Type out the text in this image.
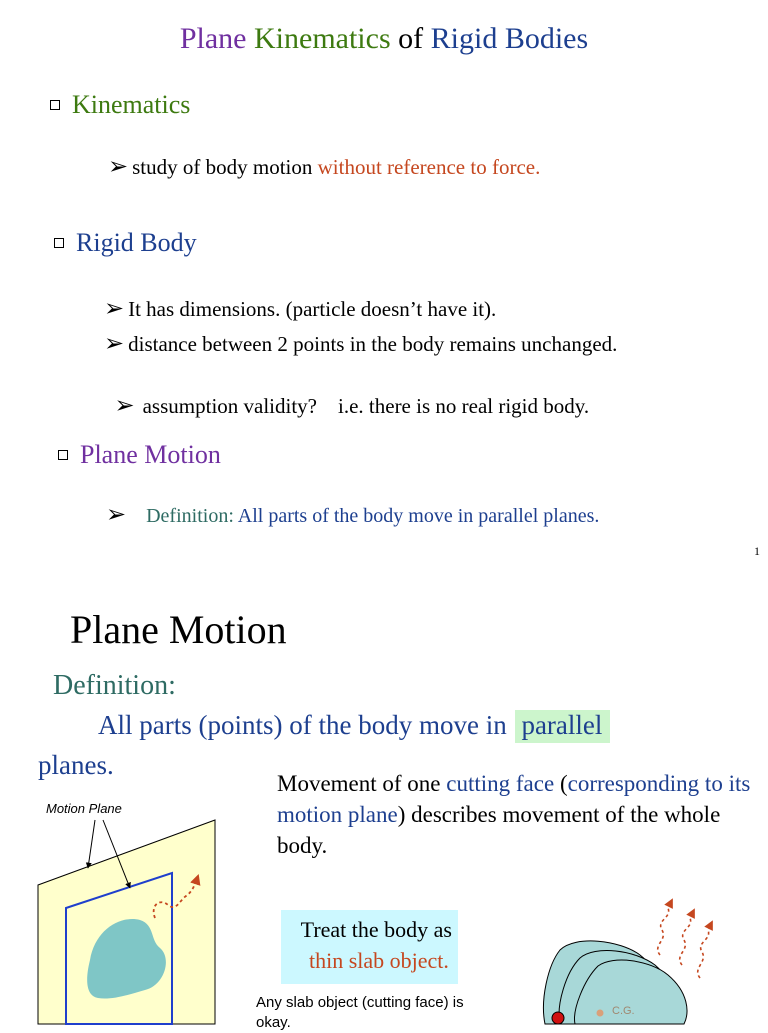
Plane Kinematics of Rigid Bodies
Kinematics
➢ study of body motion without reference to force.
Rigid Body
➢ It has dimensions. (particle doesn’t have it).
➢ distance between 2 points in the body remains unchanged.

➢ assumption validity?    i.e. there is no real rigid body.

Plane Motion
➢ Definition: All parts of the body move in parallel planes.
1
Plane Motion
Definition:
All parts (points) of the body move in parallel
planes.
Movement of one cutting face (corresponding to its motion plane) describes movement of the whole body.
Treat the body as
thin slab object.
Any slab object (cutting face) is okay.
Motion Plane
C.G.
